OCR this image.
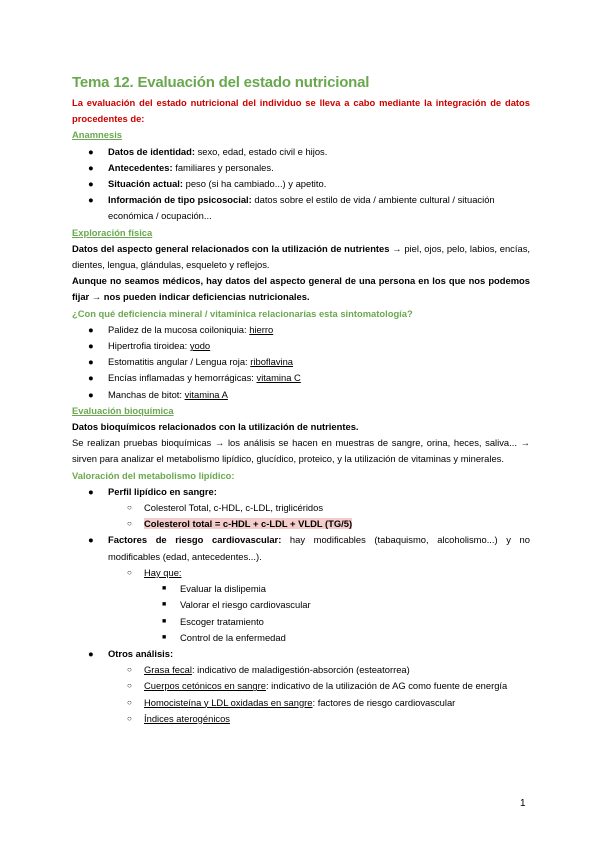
Tema 12. Evaluación del estado nutricional

La evaluación del estado nutricional del individuo se lleva a cabo mediante la integración de datos procedentes de:

Anamnesis

● Datos de identidad: sexo, edad, estado civil e hijos.
● Antecedentes: familiares y personales.
● Situación actual: peso (si ha cambiado...) y apetito.
● Información de tipo psicosocial: datos sobre el estilo de vida / ambiente cultural / situación económica / ocupación...

Exploración física

Datos del aspecto general relacionados con la utilización de nutrientes → piel, ojos, pelo, labios, encías, dientes, lengua, glándulas, esqueleto y reflejos.

Aunque no seamos médicos, hay datos del aspecto general de una persona en los que nos podemos fijar → nos pueden indicar deficiencias nutricionales.

¿Con qué deficiencia mineral / vitamínica relacionarías esta sintomatología?

● Palidez de la mucosa coiloniquia: hierro
● Hipertrofia tiroidea: yodo
● Estomatitis angular / Lengua roja: riboflavina
● Encías inflamadas y hemorrágicas: vitamina C
● Manchas de bitot: vitamina A

Evaluación bioquímica

Datos bioquímicos relacionados con la utilización de nutrientes.

Se realizan pruebas bioquímicas → los análisis se hacen en muestras de sangre, orina, heces, saliva... → sirven para analizar el metabolismo lipídico, glucídico, proteico, y la utilización de vitaminas y minerales.

Valoración del metabolismo lipídico:

● Perfil lipídico en sangre:
○ Colesterol Total, c-HDL, c-LDL, triglicéridos
○ Colesterol total = c-HDL + c-LDL + VLDL (TG/5)
● Factores de riesgo cardiovascular: hay modificables (tabaquismo, alcoholismo...) y no modificables (edad, antecedentes...).
○ Hay que:
■ Evaluar la dislipemia
■ Valorar el riesgo cardiovascular
■ Escoger tratamiento
■ Control de la enfermedad
● Otros análisis:
○ Grasa fecal: indicativo de maladigestión-absorción (esteatorrea)
○ Cuerpos cetónicos en sangre: indicativo de la utilización de AG como fuente de energía
○ Homocisteína y LDL oxidadas en sangre: factores de riesgo cardiovascular
○ Índices aterogénicos
1
